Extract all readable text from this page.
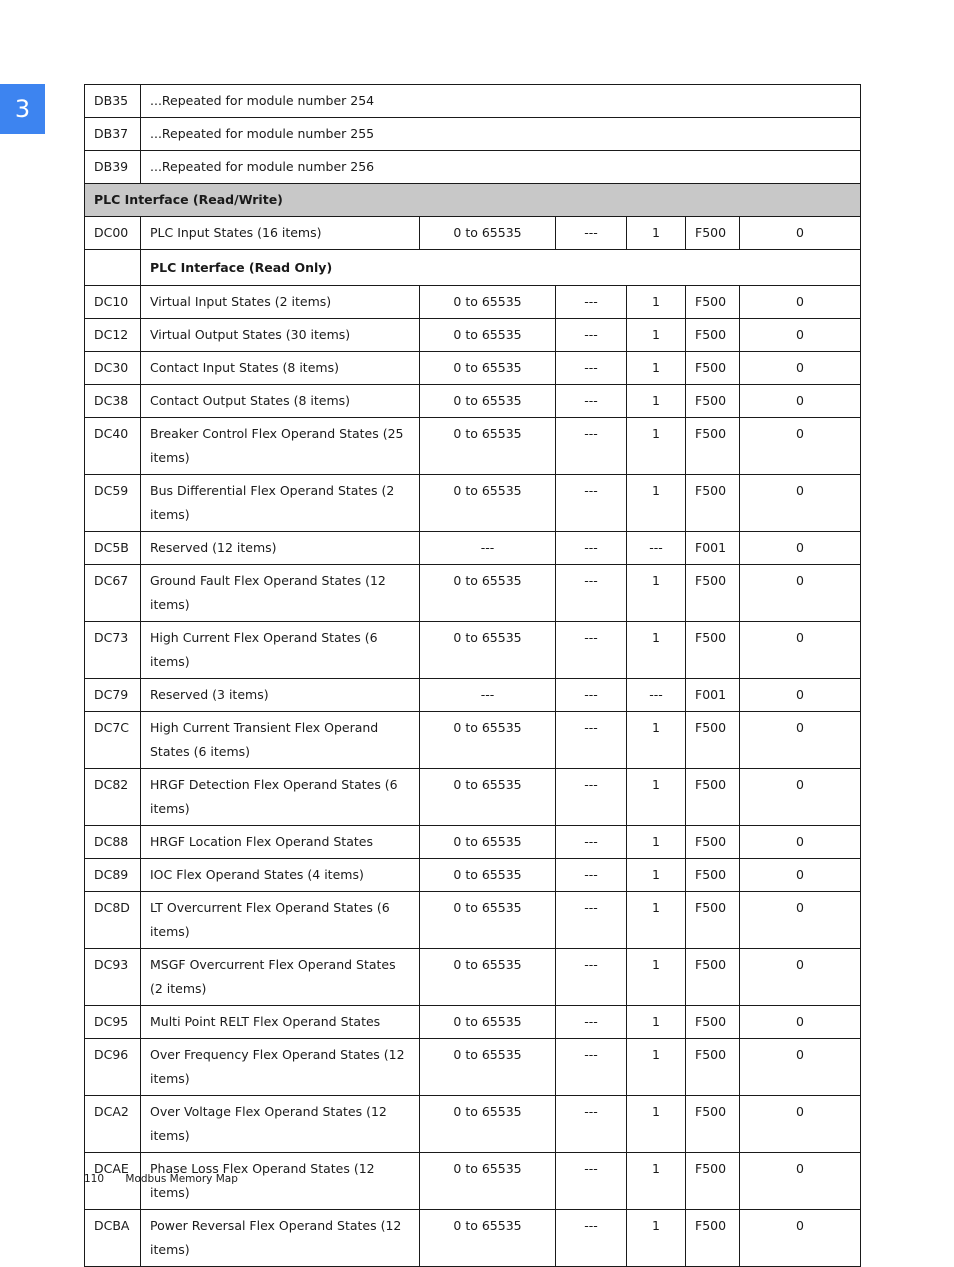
3	DB35	...Repeated for module number 254					
DB37	...Repeated for module number 255					
DB39	...Repeated for module number 256					
PLC Interface (Read/Write)						
DC00	PLC Input States (16 items)	0 to 65535	---	1	F500	0
	PLC Interface (Read Only)					
DC10	Virtual Input States (2 items)	0 to 65535	---	1	F500	0
DC12	Virtual Output States (30 items)	0 to 65535	---	1	F500	0
DC30	Contact Input States (8 items)	0 to 65535	---	1	F500	0
DC38	Contact Output States (8 items)	0 to 65535	---	1	F500	0
DC40	Breaker Control Flex Operand States (25 items)	0 to 65535	---	1	F500	0
DC59	Bus Differential Flex Operand States (2 items)	0 to 65535	---	1	F500	0
DC5B	Reserved (12 items)	---	---	---	F001	0
DC67	Ground Fault Flex Operand States (12 items)	0 to 65535	---	1	F500	0
DC73	High Current Flex Operand States (6 items)	0 to 65535	---	1	F500	0
DC79	Reserved (3 items)	---	---	---	F001	0
DC7C	High Current Transient Flex Operand States (6 items)	0 to 65535	---	1	F500	0
DC82	HRGF Detection Flex Operand States (6 items)	0 to 65535	---	1	F500	0
DC88	HRGF Location Flex Operand States	0 to 65535	---	1	F500	0
DC89	IOC Flex Operand States (4 items)	0 to 65535	---	1	F500	0
DC8D	LT Overcurrent Flex Operand States (6 items)	0 to 65535	---	1	F500	0
DC93	MSGF Overcurrent Flex Operand States (2 items)	0 to 65535	---	1	F500	0
DC95	Multi Point RELT Flex Operand States	0 to 65535	---	1	F500	0
DC96	Over Frequency Flex Operand States (12 items)	0 to 65535	---	1	F500	0
DCA2	Over Voltage Flex Operand States (12 items)	0 to 65535	---	1	F500	0
DCAE	Phase Loss Flex Operand States (12 items)	0 to 65535	---	1	F500	0
DCBA	Power Reversal Flex Operand States (12 items)	0 to 65535	---	1	F500	0
110 Modbus Memory Map
